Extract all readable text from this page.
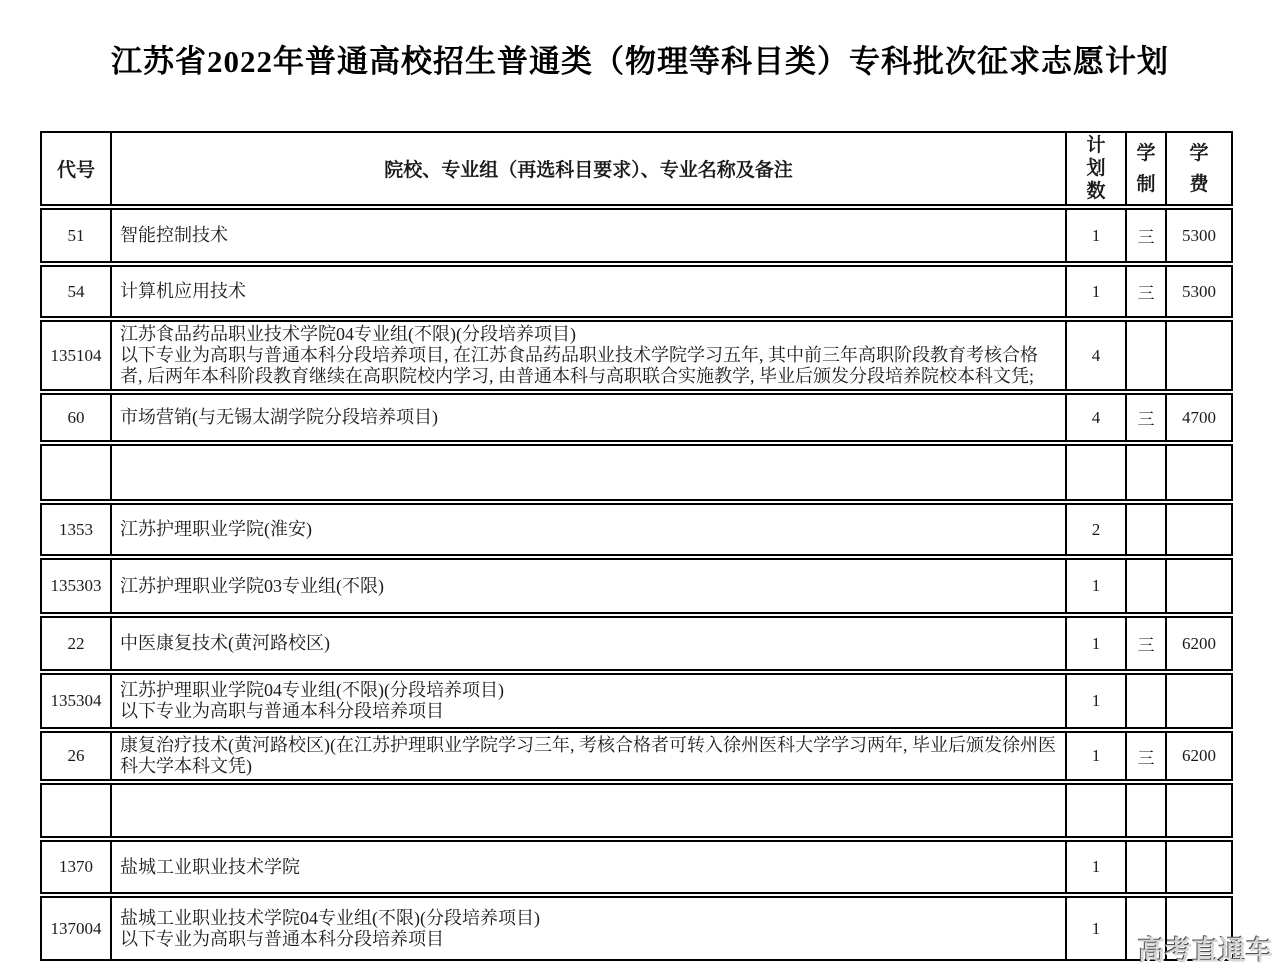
江苏省2022年普通高校招生普通类（物理等科目类）专科批次征求志愿计划
代号	院校、专业组（再选科目要求）、专业名称及备注	计划数	学制	学费

51	智能控制技术	1	三	5300
54	计算机应用技术	1	三	5300
135104	江苏食品药品职业技术学院04专业组(不限)(分段培养项目)
以下专业为高职与普通本科分段培养项目, 在江苏食品药品职业技术学院学习五年, 其中前三年高职阶段教育考核合格者, 后两年本科阶段教育继续在高职院校内学习, 由普通本科与高职联合实施教学, 毕业后颁发分段培养院校本科文凭;	4		
60	市场营销(与无锡太湖学院分段培养项目)	4	三	4700

1353	江苏护理职业学院(淮安)	2		
135303	江苏护理职业学院03专业组(不限)	1		
22	中医康复技术(黄河路校区)	1	三	6200
135304	江苏护理职业学院04专业组(不限)(分段培养项目)
以下专业为高职与普通本科分段培养项目	1		
26	康复治疗技术(黄河路校区)(在江苏护理职业学院学习三年, 考核合格者可转入徐州医科大学学习两年, 毕业后颁发徐州医科大学本科文凭)	1	三	6200

1370	盐城工业职业技术学院	1		
137004	盐城工业职业技术学院04专业组(不限)(分段培养项目)
以下专业为高职与普通本科分段培养项目	1		
高考直通车
